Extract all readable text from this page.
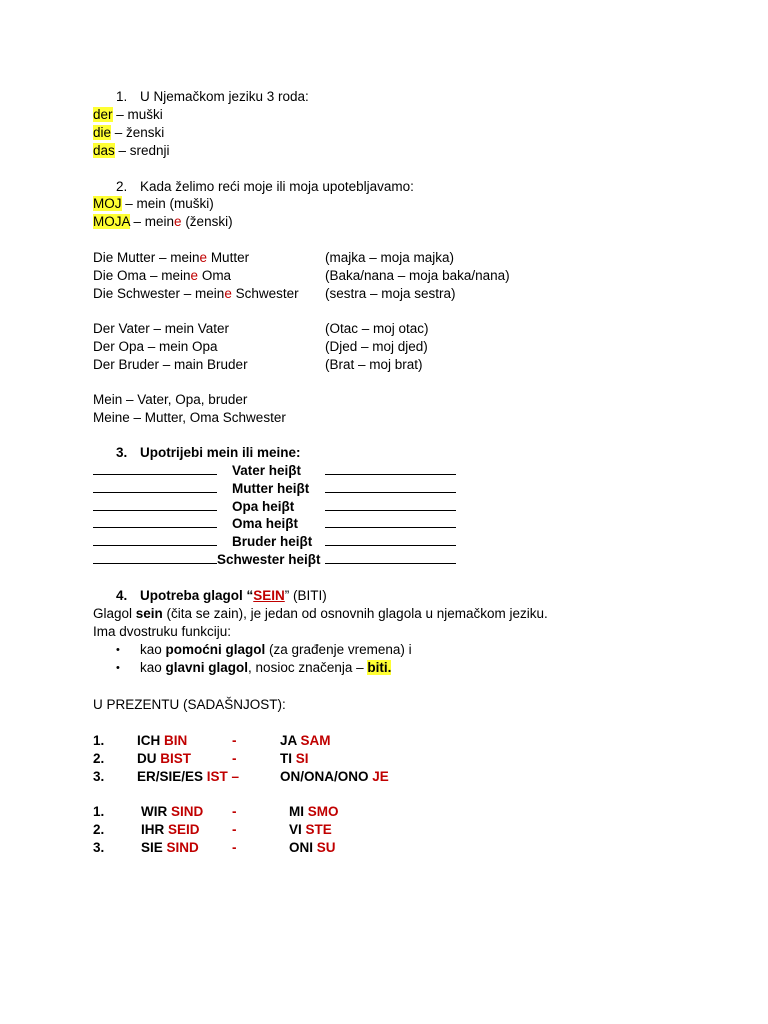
1. U Njemačkom jeziku 3 roda:
der – muški
die – ženski
das – srednji
2. Kada želimo reći moje ili moja upotebljavamo:
MOJ – mein (muški)
MOJA – meine (ženski)
Die Mutter – meine Mutter	(majka – moja majka)
Die Oma – meine Oma	(Baka/nana – moja baka/nana)
Die Schwester – meine Schwester (sestra – moja sestra)
Der Vater – mein Vater	(Otac – moj otac)
Der Opa – mein Opa	(Djed – moj djed)
Der Bruder – main Bruder	(Brat – moj brat)
Mein – Vater, Opa, bruder
Meine – Mutter, Oma Schwester
3. Upotrijebi mein ili meine:
Vater heiβt
Mutter heiβt
Opa heiβt
Oma heiβt
Bruder heiβt
Schwester heiβt
4. Upotreba glagol “SEIN” (BITI)
Glagol sein (čita se zain), je jedan od osnovnih glagola u njemačkom jeziku.
Ima dvostruku funkciju:
• kao pomoćni glagol (za građenje vremena) i
• kao glavni glagol, nosioc značenja – biti.
U PREZENTU (SADAŠNJOST):
1. ICH BIN	-	JA SAM
2. DU BIST	-	TI SI
3. ER/SIE/ES IST –	ON/ONA/ONO JE
1.	WIR SIND -	MI SMO
2.	IHR SEID -	VI STE
3.	SIE SIND -	ONI SU
